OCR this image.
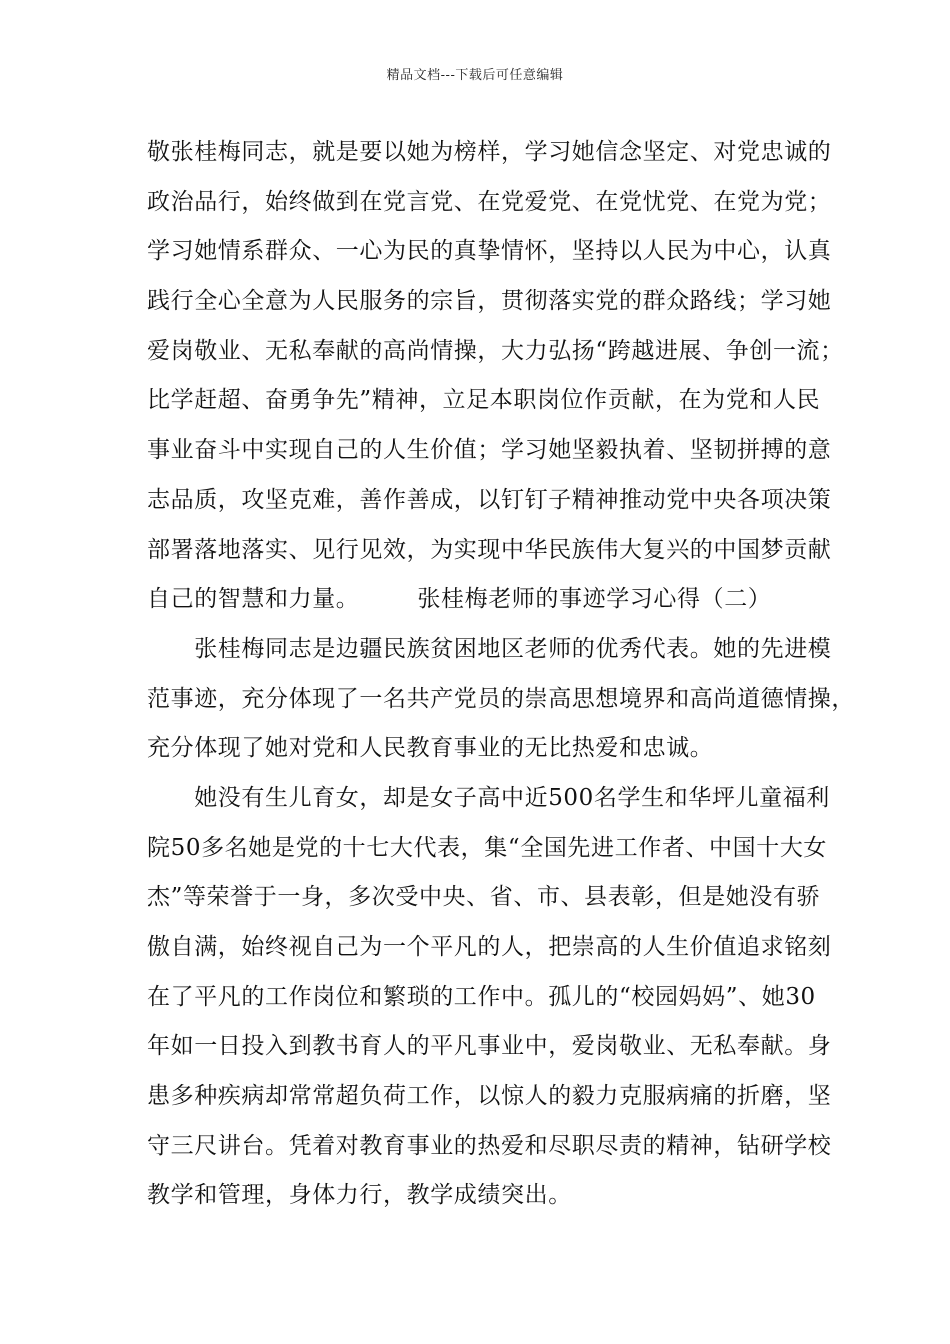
精品文档---下载后可任意编辑
敬张桂梅同志，就是要以她为榜样，学习她信念坚定、对党忠诚的
政治品行，始终做到在党言党、在党爱党、在党忧党、在党为党；
学习她情系群众、一心为民的真挚情怀，坚持以人民为中心，认真
践行全心全意为人民服务的宗旨，贯彻落实党的群众路线；学习她
爱岗敬业、无私奉献的高尚情操，大力弘扬“跨越进展、争创一流；
比学赶超、奋勇争先”精神，立足本职岗位作贡献，在为党和人民
事业奋斗中实现自己的人生价值；学习她坚毅执着、坚韧拼搏的意
志品质，攻坚克难，善作善成，以钉钉子精神推动党中央各项决策
部署落地落实、见行见效，为实现中华民族伟大复兴的中国梦贡献
自己的智慧和力量。	张桂梅老师的事迹学习心得（二）
　　张桂梅同志是边疆民族贫困地区老师的优秀代表。她的先进模
范事迹，充分体现了一名共产党员的崇高思想境界和高尚道德情操，
充分体现了她对党和人民教育事业的无比热爱和忠诚。
　　她没有生儿育女，却是女子高中近500名学生和华坪儿童福利
院50多名她是党的十七大代表，集“全国先进工作者、中国十大女
杰”等荣誉于一身，多次受中央、省、市、县表彰，但是她没有骄
傲自满，始终视自己为一个平凡的人，把崇高的人生价值追求铭刻
在了平凡的工作岗位和繁琐的工作中。孤儿的“校园妈妈”、她30
年如一日投入到教书育人的平凡事业中，爱岗敬业、无私奉献。身
患多种疾病却常常超负荷工作，以惊人的毅力克服病痛的折磨，坚
守三尺讲台。凭着对教育事业的热爱和尽职尽责的精神，钻研学校
教学和管理，身体力行，教学成绩突出。
